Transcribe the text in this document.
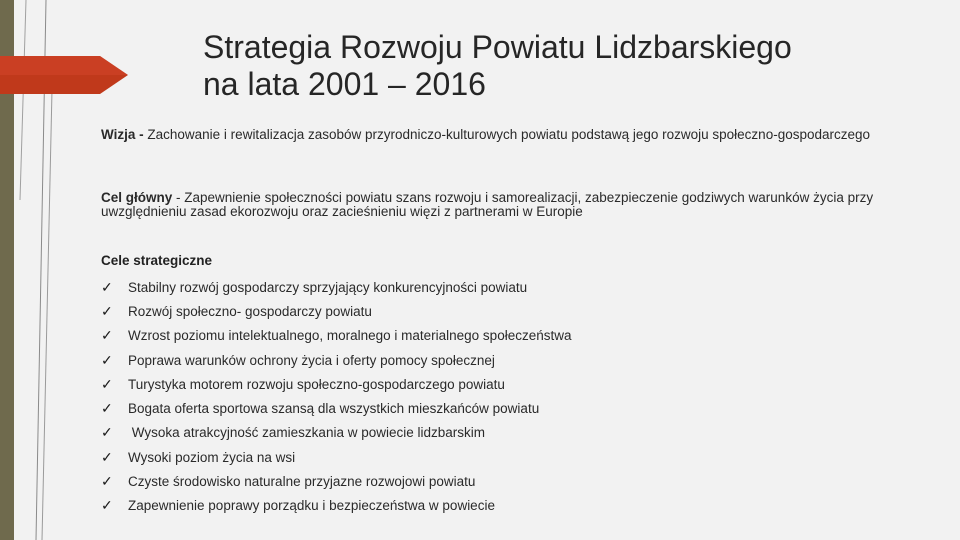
Strategia Rozwoju Powiatu Lidzbarskiego
na lata 2001 – 2016
Wizja - Zachowanie i rewitalizacja zasobów przyrodniczo-kulturowych powiatu podstawą jego rozwoju społeczno-gospodarczego
Cel główny - Zapewnienie społeczności powiatu szans rozwoju i samorealizacji, zabezpieczenie godziwych warunków życia przy uwzględnieniu zasad ekorozwoju oraz zacieśnieniu więzi z partnerami w Europie
Cele strategiczne
✓	Stabilny rozwój gospodarczy sprzyjający konkurencyjności powiatu
✓	Rozwój społeczno- gospodarczy powiatu
✓	Wzrost poziomu intelektualnego, moralnego i materialnego społeczeństwa
✓	Poprawa warunków ochrony życia i oferty pomocy społecznej
✓	Turystyka motorem rozwoju społeczno-gospodarczego powiatu
✓	Bogata oferta sportowa szansą dla wszystkich mieszkańców powiatu
✓	Wysoka atrakcyjność zamieszkania w powiecie lidzbarskim
✓	Wysoki poziom życia na wsi
✓	Czyste środowisko naturalne przyjazne rozwojowi powiatu
✓	Zapewnienie poprawy porządku i bezpieczeństwa w powiecie
